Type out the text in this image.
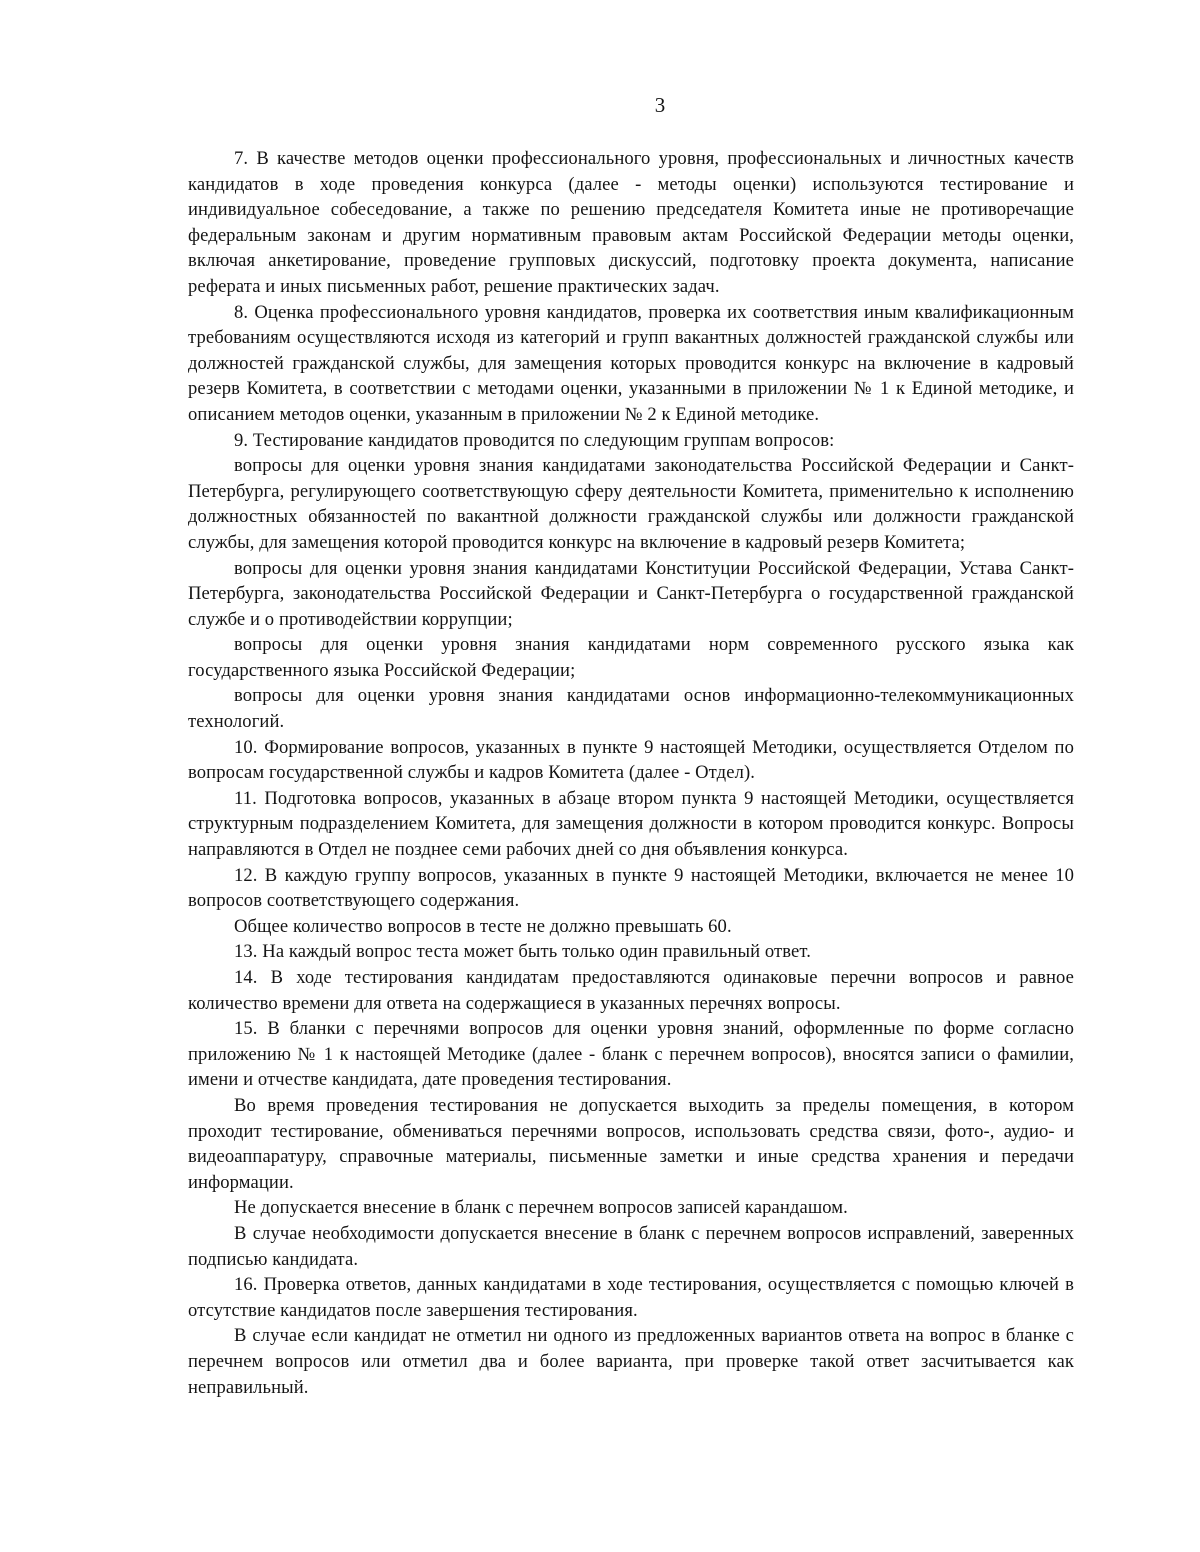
3

7. В качестве методов оценки профессионального уровня, профессиональных и личностных качеств кандидатов в ходе проведения конкурса (далее - методы оценки) используются тестирование и индивидуальное собеседование, а также по решению председателя Комитета иные не противоречащие федеральным законам и другим нормативным правовым актам Российской Федерации методы оценки, включая анкетирование, проведение групповых дискуссий, подготовку проекта документа, написание реферата и иных письменных работ, решение практических задач.

8. Оценка профессионального уровня кандидатов, проверка их соответствия иным квалификационным требованиям осуществляются исходя из категорий и групп вакантных должностей гражданской службы или должностей гражданской службы, для замещения которых проводится конкурс на включение в кадровый резерв Комитета, в соответствии с методами оценки, указанными в приложении № 1 к Единой методике, и описанием методов оценки, указанным в приложении № 2 к Единой методике.

9. Тестирование кандидатов проводится по следующим группам вопросов:

вопросы для оценки уровня знания кандидатами законодательства Российской Федерации и Санкт-Петербурга, регулирующего соответствующую сферу деятельности Комитета, применительно к исполнению должностных обязанностей по вакантной должности гражданской службы или должности гражданской службы, для замещения которой проводится конкурс на включение в кадровый резерв Комитета;

вопросы для оценки уровня знания кандидатами Конституции Российской Федерации, Устава Санкт-Петербурга, законодательства Российской Федерации и Санкт-Петербурга о государственной гражданской службе и о противодействии коррупции;

вопросы для оценки уровня знания кандидатами норм современного русского языка как государственного языка Российской Федерации;

вопросы для оценки уровня знания кандидатами основ информационно-телекоммуникационных технологий.

10. Формирование вопросов, указанных в пункте 9 настоящей Методики, осуществляется Отделом по вопросам государственной службы и кадров Комитета (далее - Отдел).

11. Подготовка вопросов, указанных в абзаце втором пункта 9 настоящей Методики, осуществляется структурным подразделением Комитета, для замещения должности в котором проводится конкурс. Вопросы направляются в Отдел не позднее семи рабочих дней со дня объявления конкурса.

12. В каждую группу вопросов, указанных в пункте 9 настоящей Методики, включается не менее 10 вопросов соответствующего содержания.

Общее количество вопросов в тесте не должно превышать 60.

13. На каждый вопрос теста может быть только один правильный ответ.

14. В ходе тестирования кандидатам предоставляются одинаковые перечни вопросов и равное количество времени для ответа на содержащиеся в указанных перечнях вопросы.

15. В бланки с перечнями вопросов для оценки уровня знаний, оформленные по форме согласно приложению № 1 к настоящей Методике (далее - бланк с перечнем вопросов), вносятся записи о фамилии, имени и отчестве кандидата, дате проведения тестирования.

Во время проведения тестирования не допускается выходить за пределы помещения, в котором проходит тестирование, обмениваться перечнями вопросов, использовать средства связи, фото-, аудио- и видеоаппаратуру, справочные материалы, письменные заметки и иные средства хранения и передачи информации.

Не допускается внесение в бланк с перечнем вопросов записей карандашом.

В случае необходимости допускается внесение в бланк с перечнем вопросов исправлений, заверенных подписью кандидата.

16. Проверка ответов, данных кандидатами в ходе тестирования, осуществляется с помощью ключей в отсутствие кандидатов после завершения тестирования.

В случае если кандидат не отметил ни одного из предложенных вариантов ответа на вопрос в бланке с перечнем вопросов или отметил два и более варианта, при проверке такой ответ засчитывается как неправильный.
